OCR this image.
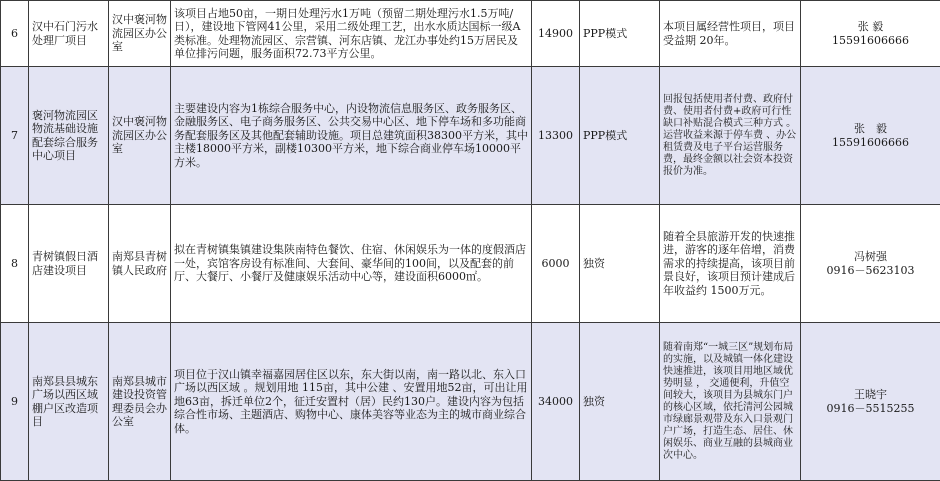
6	汉中石门污水处理厂项目	汉中褒河物流园区办公室	该项目占地50亩，一期日处理污水1万吨（预留二期处理污水1.5万吨/日），建设地下管网41公里，采用二级处理工艺，出水水质达国标一级A类标准。处理物流园区、宗营镇、河东店镇、龙江办事处约15万居民及单位排污问题，服务面积72.73平方公里。	14900	PPP模式	本项目属经营性项目，项目受益期 20年。	张 毅
15591606666

7	褒河物流园区物流基础设施配套综合服务中心项目	汉中褒河物流园区办公室	主要建设内容为1栋综合服务中心，内设物流信息服务区、政务服务区、金融服务区、电子商务服务区、公共交易中心区、地下停车场和多功能商务配套服务区及其他配套辅助设施。项目总建筑面积38300平方米，其中主楼18000平方米，副楼10300平方米，地下综合商业停车场10000平方米。	13300	PPP模式	回报包括使用者付费、政府付费、使用者付费+政府可行性缺口补贴混合模式三种方式 。运营收益来源于停车费 、办公租赁费及电子平台运营服务费，最终金额以社会资本投资报价为准。	张　毅
15591606666

8	青树镇假日酒店建设项目	南郑县青树镇人民政府	拟在青树镇集镇建设集陕南特色餐饮、住宿、休闲娱乐为一体的度假酒店一处，宾馆客房设有标准间、大套间、豪华间的100间，以及配套的前厅、大餐厅、小餐厅及健康娱乐活动中心等，建设面积6000㎡。	6000	独资	随着全县旅游开发的快速推进，游客的逐年倍增，消费需求的持续提高，该项目前景良好，该项目预计建成后年收益约 1500万元。	冯树强
0916－5623103

9	南郑县县城东广场以西区域棚户区改造项目	南郑县城市建设投资管理委员会办公室	项目位于汉山镇幸福嘉园居住区以东，东大街以南，南一路以北、东入口广场以西区域 。规划用地 115亩，其中公建 、安置用地52亩，可出让用地63亩，拆迁单位2个，征迁安置村（居）民约130户。建设内容为包括综合性市场、主题酒店、购物中心、康体美容等业态为主的城市商业综合体。	34000	独资	随着南郑“一城三区”规划布局的实施，以及城镇一体化建设快速推进，该项目用地区域优势明显 ， 交通便利，升值空间较大，该项目为县城东门户的核心区域，依托清河公园城市绿廊景观带及东入口景观门户广场，打造生态、居住、休闲娱乐、商业互融的县城商业次中心。	王晓宇
0916－5515255
